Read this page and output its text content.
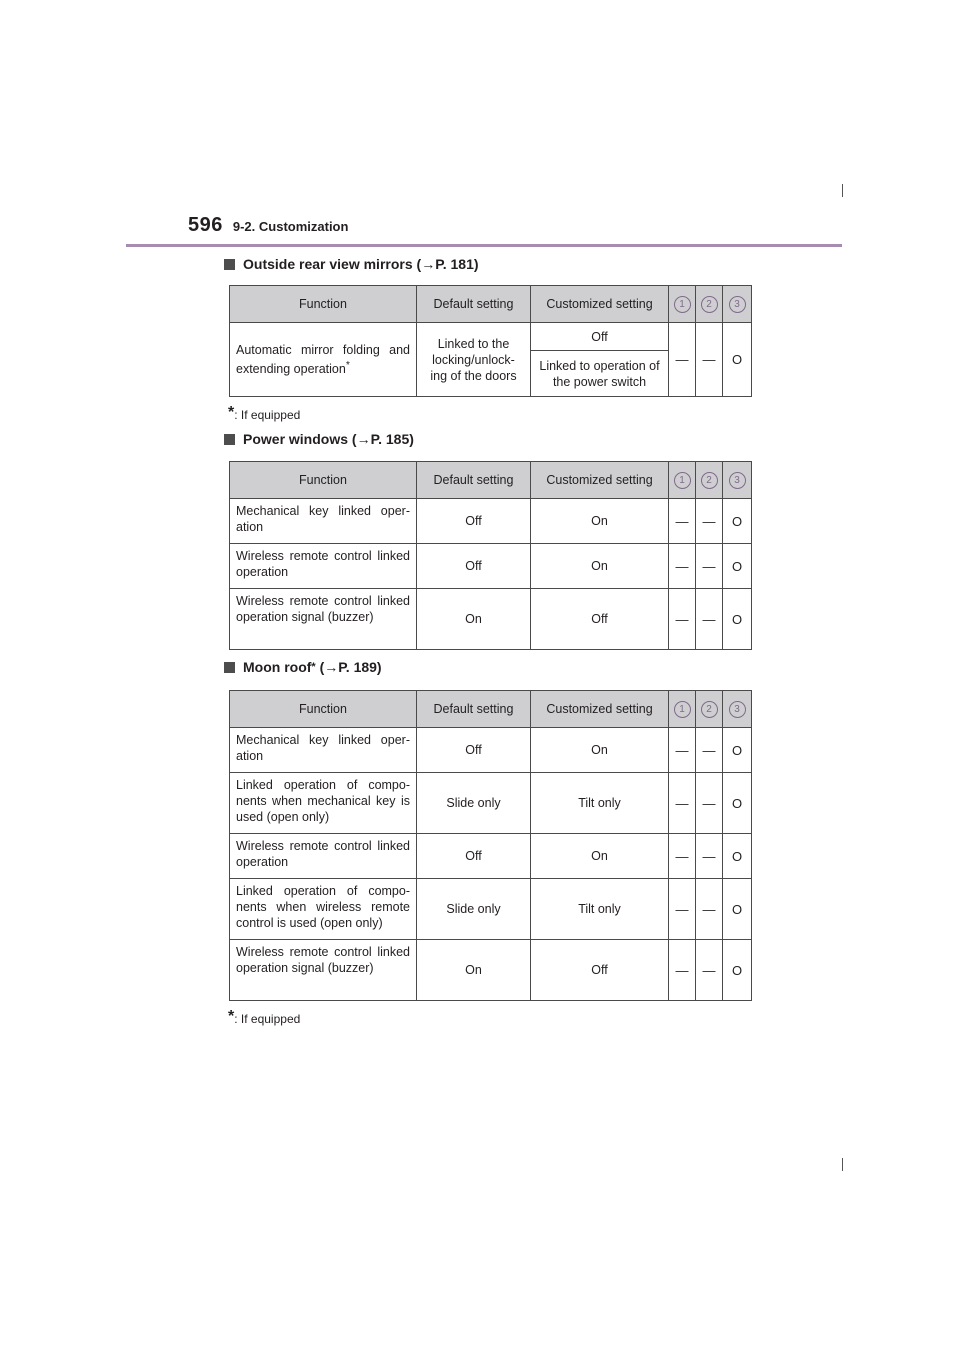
596 9-2. Customization
Outside rear view mirrors ( → P. 181)
Function	Default setting	Customized setting	1	2	3
Automatic mirror folding and extending operation*	Linked to the locking/unlock-ing of the doors	Off	—	—	O
		Linked to operation of the power switch			
*: If equipped
Power windows ( → P. 185)
Function	Default setting	Customized setting	1	2	3
Mechanical key linked oper-ation	Off	On	—	—	O
Wireless remote control linked operation	Off	On	—	—	O
Wireless remote control linked operation signal (buzzer)	On	Off	—	—	O
Moon roof * ( → P. 189)
Function	Default setting	Customized setting	1	2	3
Mechanical key linked oper-ation	Off	On	—	—	O
Linked operation of compo-nents when mechanical key is used (open only)	Slide only	Tilt only	—	—	O
Wireless remote control linked operation	Off	On	—	—	O
Linked operation of compo-nents when wireless remote control is used (open only)	Slide only	Tilt only	—	—	O
Wireless remote control linked operation signal (buzzer)	On	Off	—	—	O
*: If equipped
